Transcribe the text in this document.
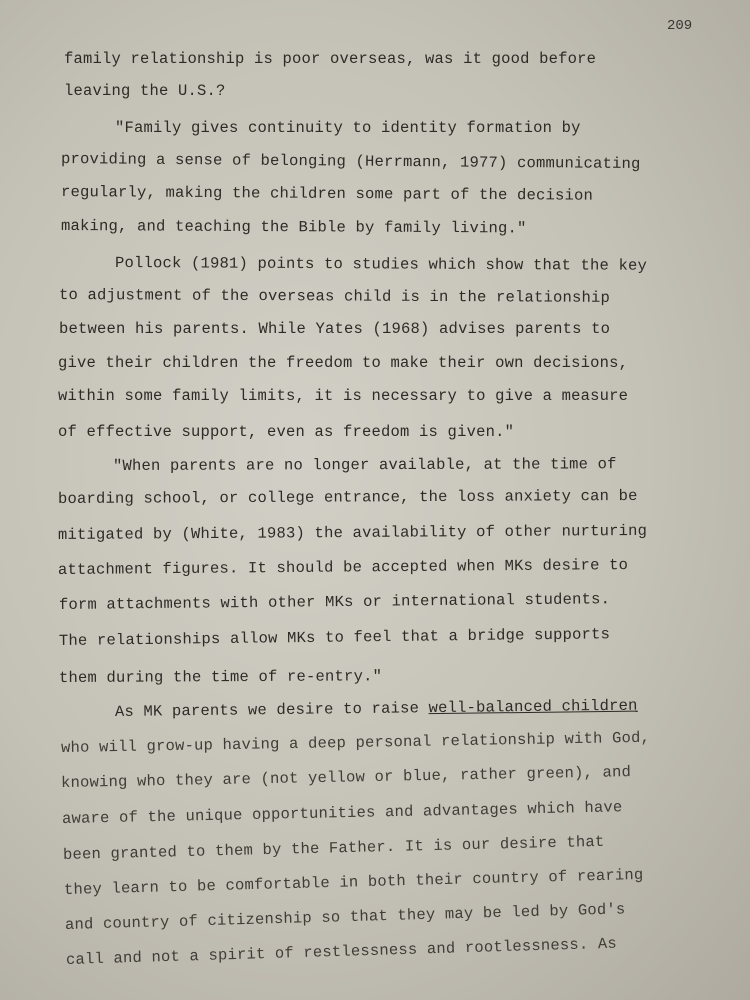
209
family relationship is poor overseas, was it good before
leaving the U.S.?
"Family gives continuity to identity formation by
providing a sense of belonging (Herrmann, 1977) communicating
regularly, making the children some part of the decision
making, and teaching the Bible by family living."
Pollock (1981) points to studies which show that the key
to adjustment of the overseas child is in the relationship
between his parents. While Yates (1968) advises parents to
give their children the freedom to make their own decisions,
within some family limits, it is necessary to give a measure
of effective support, even as freedom is given."
"When parents are no longer available, at the time of
boarding school, or college entrance, the loss anxiety can be
mitigated by (White, 1983) the availability of other nurturing
attachment figures. It should be accepted when MKs desire to
form attachments with other MKs or international students.
The relationships allow MKs to feel that a bridge supports
them during the time of re-entry."
As MK parents we desire to raise well-balanced children
who will grow-up having a deep personal relationship with God,
knowing who they are (not yellow or blue, rather green), and
aware of the unique opportunities and advantages which have
been granted to them by the Father. It is our desire that
they learn to be comfortable in both their country of rearing
and country of citizenship so that they may be led by God's
call and not a spirit of restlessness and rootlessness. As
